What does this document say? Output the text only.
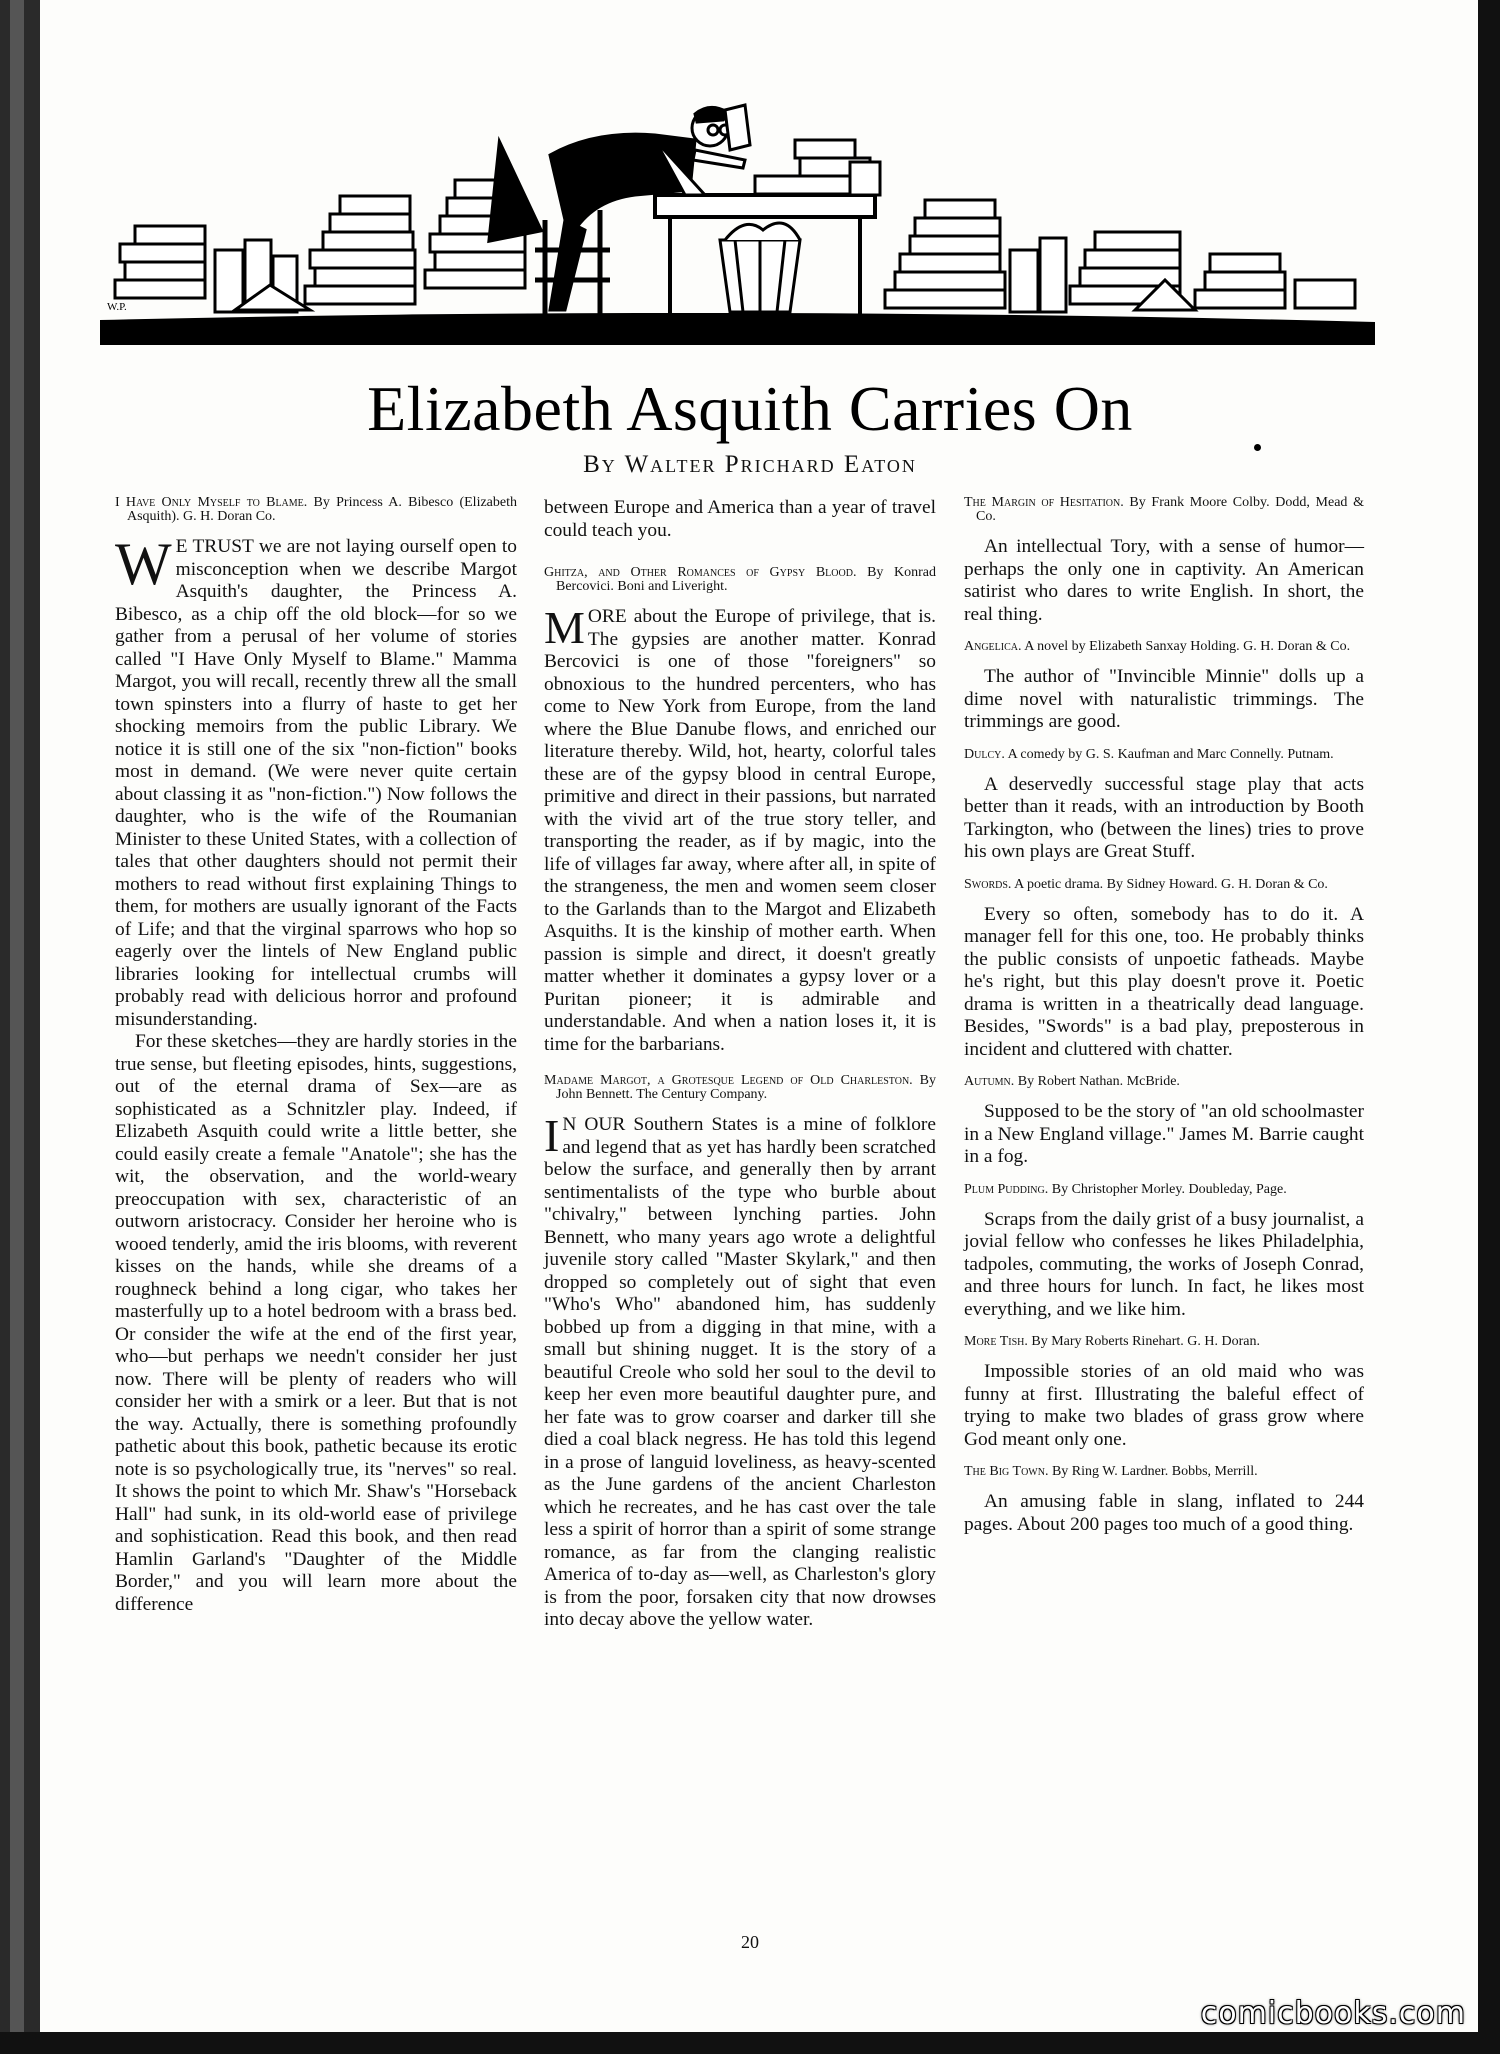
W.P.
Elizabeth Asquith Carries On
By Walter Prichard Eaton
I Have Only Myself to Blame. By Princess A. Bibesco (Elizabeth Asquith). G. H. Doran Co.

W E TRUST we are not laying ourself open to misconception when we describe Margot Asquith's daughter, the Princess A. Bibesco, as a chip off the old block—for so we gather from a perusal of her volume of stories called "I Have Only Myself to Blame." Mamma Margot, you will recall, recently threw all the small town spinsters into a flurry of haste to get her shocking memoirs from the public Library. We notice it is still one of the six "non-fiction" books most in demand. (We were never quite certain about classing it as "non-fiction.") Now follows the daughter, who is the wife of the Roumanian Minister to these United States, with a collection of tales that other daughters should not permit their mothers to read without first explaining Things to them, for mothers are usually ignorant of the Facts of Life; and that the virginal sparrows who hop so eagerly over the lintels of New England public libraries looking for intellectual crumbs will probably read with delicious horror and profound misunderstanding.

For these sketches—they are hardly stories in the true sense, but fleeting episodes, hints, suggestions, out of the eternal drama of Sex—are as sophisticated as a Schnitzler play. Indeed, if Elizabeth Asquith could write a little better, she could easily create a female "Anatole"; she has the wit, the observation, and the world-weary preoccupation with sex, characteristic of an outworn aristocracy. Consider her heroine who is wooed tenderly, amid the iris blooms, with reverent kisses on the hands, while she dreams of a roughneck behind a long cigar, who takes her masterfully up to a hotel bedroom with a brass bed. Or consider the wife at the end of the first year, who—but perhaps we needn't consider her just now. There will be plenty of readers who will consider her with a smirk or a leer. But that is not the way. Actually, there is something profoundly pathetic about this book, pathetic because its erotic note is so psychologically true, its "nerves" so real. It shows the point to which Mr. Shaw's "Horseback Hall" had sunk, in its old-world ease of privilege and sophistication. Read this book, and then read Hamlin Garland's "Daughter of the Middle Border," and you will learn more about the difference

between Europe and America than a year of travel could teach you.

Ghitza, and Other Romances of Gypsy Blood. By Konrad Bercovici. Boni and Liveright.

MORE about the Europe of privilege, that is. The gypsies are another matter. Konrad Bercovici is one of those "foreigners" so obnoxious to the hundred percenters, who has come to New York from Europe, from the land where the Blue Danube flows, and enriched our literature thereby. Wild, hot, hearty, colorful tales these are of the gypsy blood in central Europe, primitive and direct in their passions, but narrated with the vivid art of the true story teller, and transporting the reader, as if by magic, into the life of villages far away, where after all, in spite of the strangeness, the men and women seem closer to the Garlands than to the Margot and Elizabeth Asquiths. It is the kinship of mother earth. When passion is simple and direct, it doesn't greatly matter whether it dominates a gypsy lover or a Puritan pioneer; it is admirable and understandable. And when a nation loses it, it is time for the barbarians.

Madame Margot, a Grotesque Legend of Old Charleston. By John Bennett. The Century Company.

I N OUR Southern States is a mine of folklore and legend that as yet has hardly been scratched below the surface, and generally then by arrant sentimentalists of the type who burble about "chivalry," between lynching parties. John Bennett, who many years ago wrote a delightful juvenile story called "Master Skylark," and then dropped so completely out of sight that even "Who's Who" abandoned him, has suddenly bobbed up from a digging in that mine, with a small but shining nugget. It is the story of a beautiful Creole who sold her soul to the devil to keep her even more beautiful daughter pure, and her fate was to grow coarser and darker till she died a coal black negress. He has told this legend in a prose of languid loveliness, as heavy-scented as the June gardens of the ancient Charleston which he recreates, and he has cast over the tale less a spirit of horror than a spirit of some strange romance, as far from the clanging realistic America of to-day as—well, as Charleston's glory is from the poor, forsaken city that now drowses into decay above the yellow water.

The Margin of Hesitation. By Frank Moore Colby. Dodd, Mead & Co.

An intellectual Tory, with a sense of humor—perhaps the only one in captivity. An American satirist who dares to write English. In short, the real thing.

Angelica. A novel by Elizabeth Sanxay Holding. G. H. Doran & Co.

The author of "Invincible Minnie" dolls up a dime novel with naturalistic trimmings. The trimmings are good.

Dulcy. A comedy by G. S. Kaufman and Marc Connelly. Putnam.

A deservedly successful stage play that acts better than it reads, with an introduction by Booth Tarkington, who (between the lines) tries to prove his own plays are Great Stuff.

Swords. A poetic drama. By Sidney Howard. G. H. Doran & Co.

Every so often, somebody has to do it. A manager fell for this one, too. He probably thinks the public consists of unpoetic fatheads. Maybe he's right, but this play doesn't prove it. Poetic drama is written in a theatrically dead language. Besides, "Swords" is a bad play, preposterous in incident and cluttered with chatter.

Autumn. By Robert Nathan. McBride.

Supposed to be the story of "an old schoolmaster in a New England village." James M. Barrie caught in a fog.

Plum Pudding. By Christopher Morley. Doubleday, Page.

Scraps from the daily grist of a busy journalist, a jovial fellow who confesses he likes Philadelphia, tadpoles, commuting, the works of Joseph Conrad, and three hours for lunch. In fact, he likes most everything, and we like him.

More Tish. By Mary Roberts Rinehart. G. H. Doran.

Impossible stories of an old maid who was funny at first. Illustrating the baleful effect of trying to make two blades of grass grow where God meant only one.

The Big Town. By Ring W. Lardner. Bobbs, Merrill.

An amusing fable in slang, inflated to 244 pages. About 200 pages too much of a good thing.

20
comicbooks.com
